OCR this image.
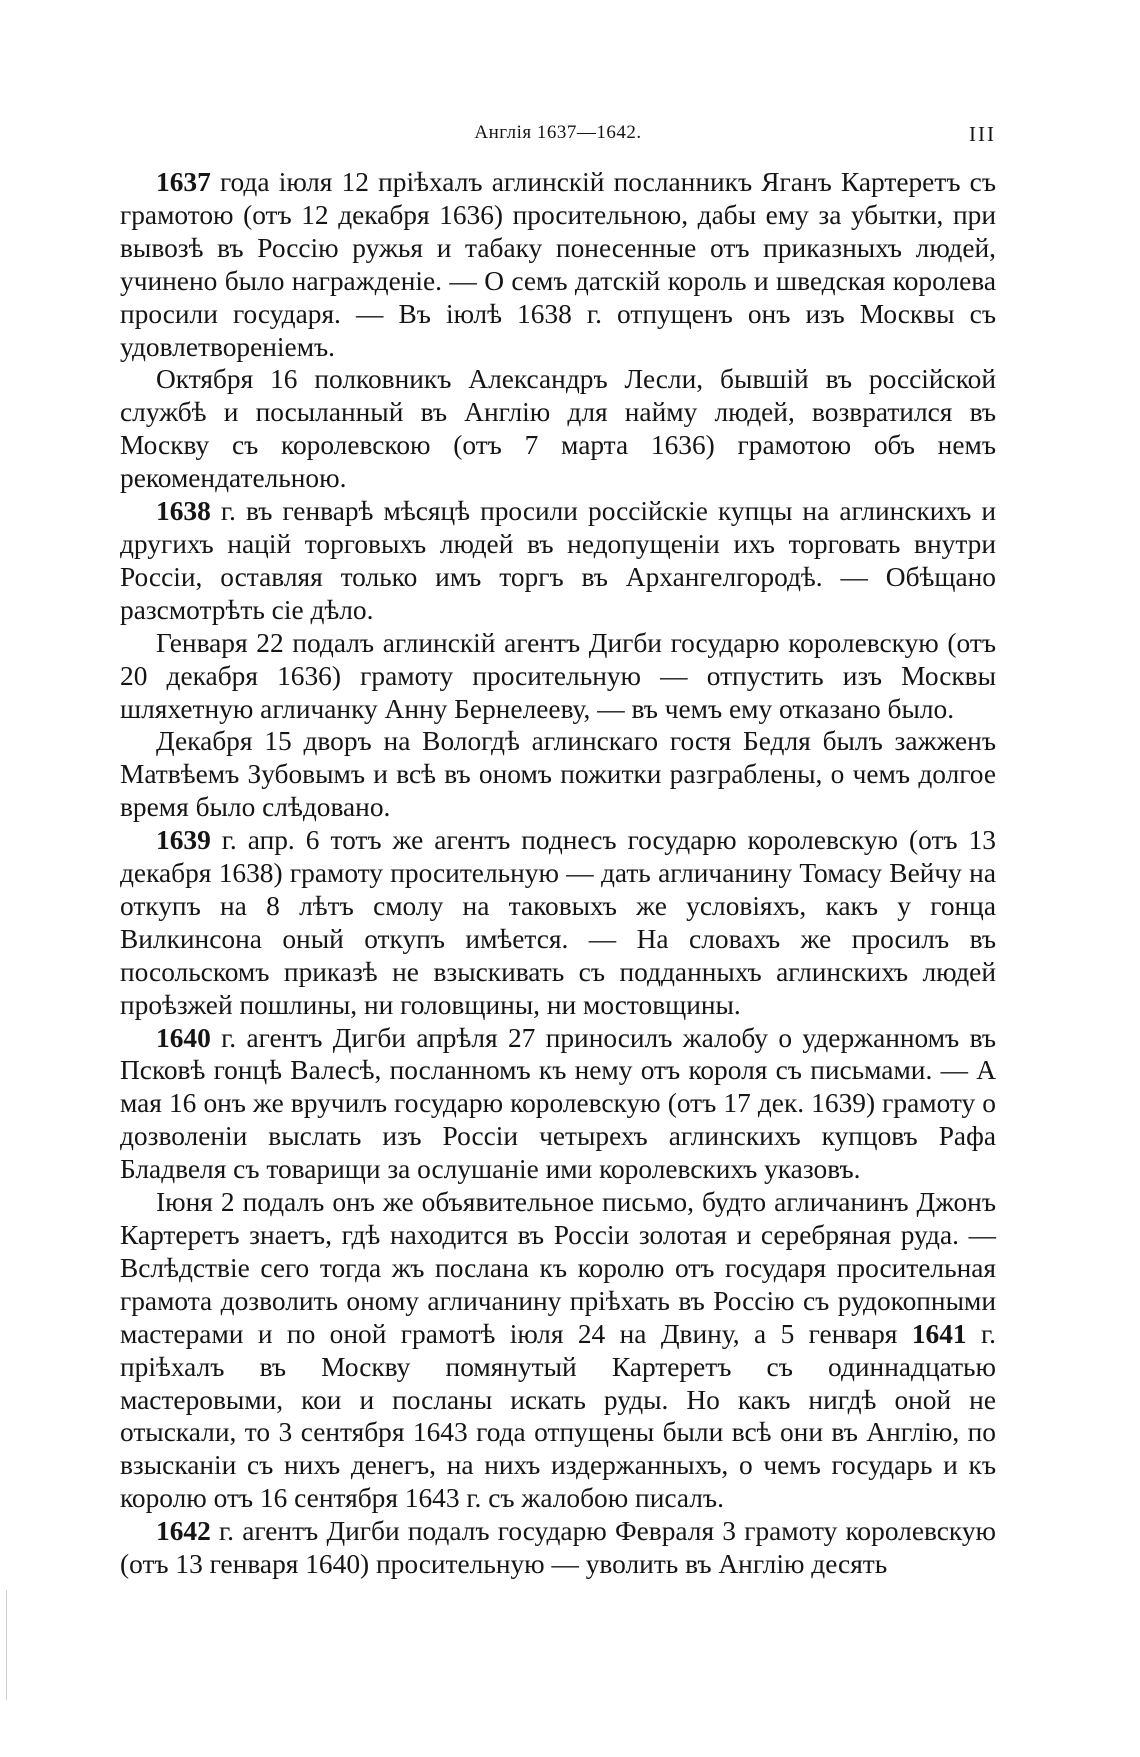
Англія 1637—1642.	III

1637 года іюля 12 пріѣхалъ аглинскій посланникъ Яганъ Картеретъ съ грамотою (отъ 12 декабря 1636) просительною, дабы ему за убытки, при вывозѣ въ Россію ружья и табаку понесенные отъ приказныхъ людей, учинено было награжденіе. — О семъ датскій король и шведская королева просили государя. — Въ іюлѣ 1638 г. отпущенъ онъ изъ Москвы съ удовлетвореніемъ.

Октября 16 полковникъ Александръ Лесли, бывшій въ россійской службѣ и посыланный въ Англію для найму людей, возвратился въ Москву съ королевскою (отъ 7 марта 1636) грамотою объ немъ рекомендательною.

1638 г. въ генварѣ мѣсяцѣ просили россійскіе купцы на аглинскихъ и другихъ націй торговыхъ людей въ недопущеніи ихъ торговать внутри Россіи, оставляя только имъ торгъ въ Архангелгородѣ. — Обѣщано разсмотрѣть сіе дѣло.

Генваря 22 подалъ аглинскій агентъ Дигби государю королевскую (отъ 20 декабря 1636) грамоту просительную — отпустить изъ Москвы шляхетную агличанку Анну Бернелееву, — въ чемъ ему отказано было.

Декабря 15 дворъ на Вологдѣ аглинскаго гостя Бедля былъ зажженъ Матвѣемъ Зубовымъ и всѣ въ ономъ пожитки разграблены, о чемъ долгое время было слѣдовано.

1639 г. апр. 6 тотъ же агентъ поднесъ государю королевскую (отъ 13 декабря 1638) грамоту просительную — дать агличанину Томасу Вейчу на откупъ на 8 лѣтъ смолу на таковыхъ же условіяхъ, какъ у гонца Вилкинсона оный откупъ имѣется. — На словахъ же просилъ въ посольскомъ приказѣ не взыскивать съ подданныхъ аглинскихъ людей проѣзжей пошлины, ни головщины, ни мостовщины.

1640 г. агентъ Дигби апрѣля 27 приносилъ жалобу о удержанномъ въ Псковѣ гонцѣ Валесѣ, посланномъ къ нему отъ короля съ письмами. — А мая 16 онъ же вручилъ государю королевскую (отъ 17 дек. 1639) грамоту о дозволеніи выслать изъ Россіи четырехъ аглинскихъ купцовъ Рафа Бладвеля съ товарищи за ослушаніе ими королевскихъ указовъ.

Іюня 2 подалъ онъ же объявительное письмо, будто агличанинъ Джонъ Картеретъ знаетъ, гдѣ находится въ Россіи золотая и серебряная руда. — Вслѣдствіе сего тогда жъ послана къ королю отъ государя просительная грамота дозволить оному агличанину пріѣхать въ Россію съ рудокопными мастерами и по оной грамотѣ іюля 24 на Двину, а 5 генваря 1641 г. пріѣхалъ въ Москву помянутый Картеретъ съ одиннадцатью мастеровыми, кои и посланы искать руды. Но какъ нигдѣ оной не отыскали, то 3 сентября 1643 года отпущены были всѣ они въ Англію, по взысканіи съ нихъ денегъ, на нихъ издержанныхъ, о чемъ государь и къ королю отъ 16 сентября 1643 г. съ жалобою писалъ.

1642 г. агентъ Дигби подалъ государю Февраля 3 грамоту королевскую (отъ 13 генваря 1640) просительную — уволить въ Англію десять
